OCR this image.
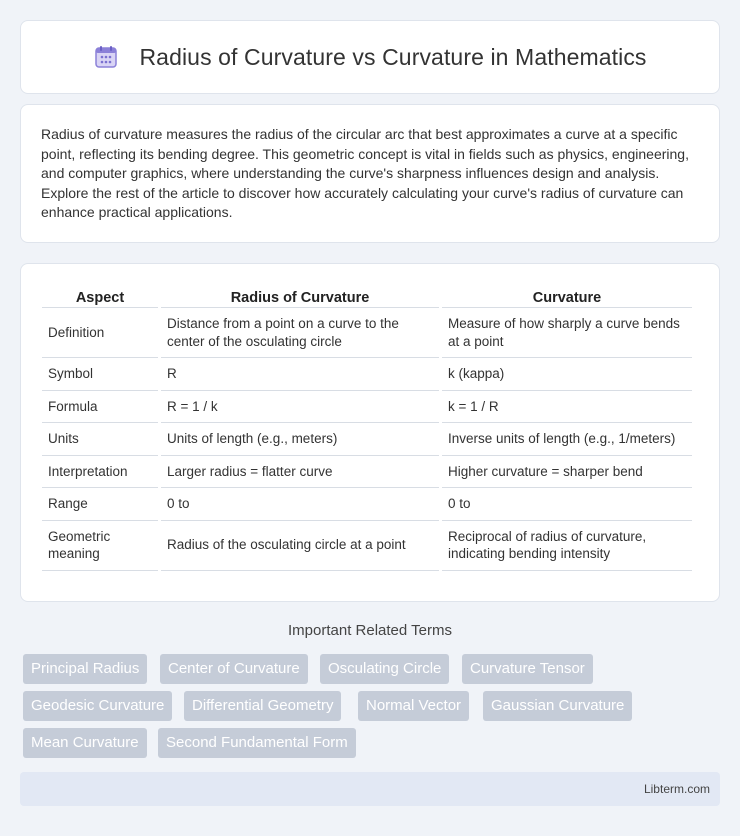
Radius of Curvature vs Curvature in Mathematics

Radius of curvature measures the radius of the circular arc that best approximates a curve at a specific point, reflecting its bending degree. This geometric concept is vital in fields such as physics, engineering, and computer graphics, where understanding the curve's sharpness influences design and analysis. Explore the rest of the article to discover how accurately calculating your curve's radius of curvature can enhance practical applications.

Aspect	Radius of Curvature	Curvature
Definition	Distance from a point on a curve to the center of the osculating circle	Measure of how sharply a curve bends at a point
Symbol	R	k (kappa)
Formula	R = 1 / k	k = 1 / R
Units	Units of length (e.g., meters)	Inverse units of length (e.g., 1/meters)
Interpretation	Larger radius = flatter curve	Higher curvature = sharper bend
Range	0 to	0 to
Geometric meaning	Radius of the osculating circle at a point	Reciprocal of radius of curvature, indicating bending intensity
Important Related Terms
Principal Radius	Center of Curvature	Osculating Circle	Curvature Tensor
Geodesic Curvature	Differential Geometry	Normal Vector	Gaussian Curvature
Mean Curvature	Second Fundamental Form
Libterm.com
